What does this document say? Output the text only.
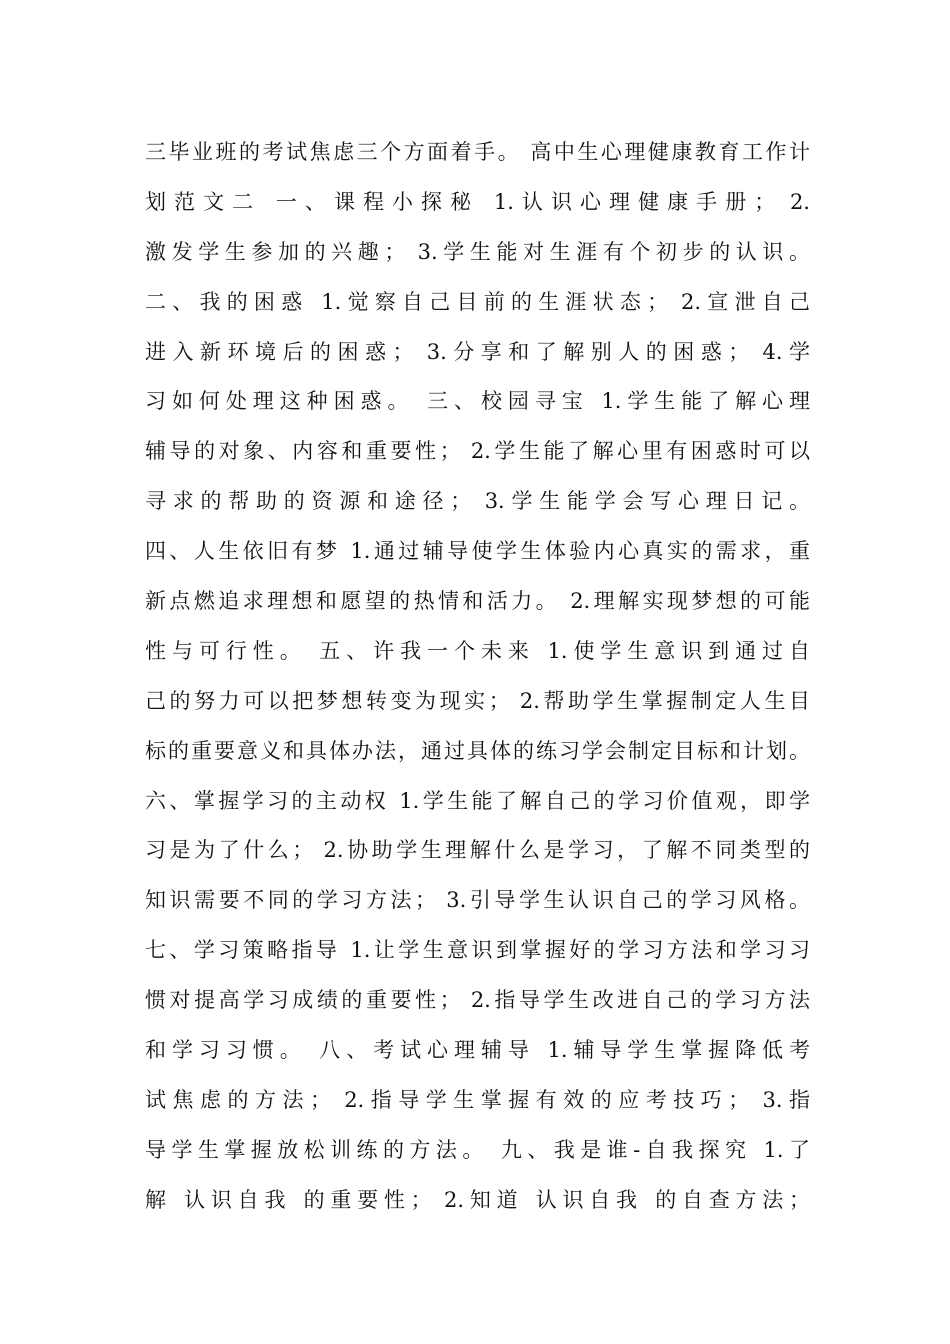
三毕业班的考试焦虑三个方面着手。 高中生心理健康教育工作计
划范文二 一、课程小探秘 1.认识心理健康手册； 2.
激发学生参加的兴趣； 3.学生能对生涯有个初步的认识。
二、我的困惑 1.觉察自己目前的生涯状态； 2.宣泄自己
进入新环境后的困惑； 3.分享和了解别人的困惑； 4.学
习如何处理这种困惑。 三、校园寻宝 1.学生能了解心理
辅导的对象、内容和重要性； 2.学生能了解心里有困惑时可以
寻求的帮助的资源和途径； 3.学生能学会写心理日记。
四、人生依旧有梦 1.通过辅导使学生体验内心真实的需求，重
新点燃追求理想和愿望的热情和活力。 2.理解实现梦想的可能
性与可行性。 五、许我一个未来 1.使学生意识到通过自
己的努力可以把梦想转变为现实； 2.帮助学生掌握制定人生目
标的重要意义和具体办法，通过具体的练习学会制定目标和计划。
六、掌握学习的主动权 1.学生能了解自己的学习价值观，即学
习是为了什么； 2.协助学生理解什么是学习，了解不同类型的
知识需要不同的学习方法； 3.引导学生认识自己的学习风格。
七、学习策略指导 1.让学生意识到掌握好的学习方法和学习习
惯对提高学习成绩的重要性； 2.指导学生改进自己的学习方法
和学习习惯。 八、考试心理辅导 1.辅导学生掌握降低考
试焦虑的方法； 2.指导学生掌握有效的应考技巧； 3.指
导学生掌握放松训练的方法。 九、我是谁-自我探究 1.了
解 认识自我 的重要性； 2.知道 认识自我 的自查方法；
